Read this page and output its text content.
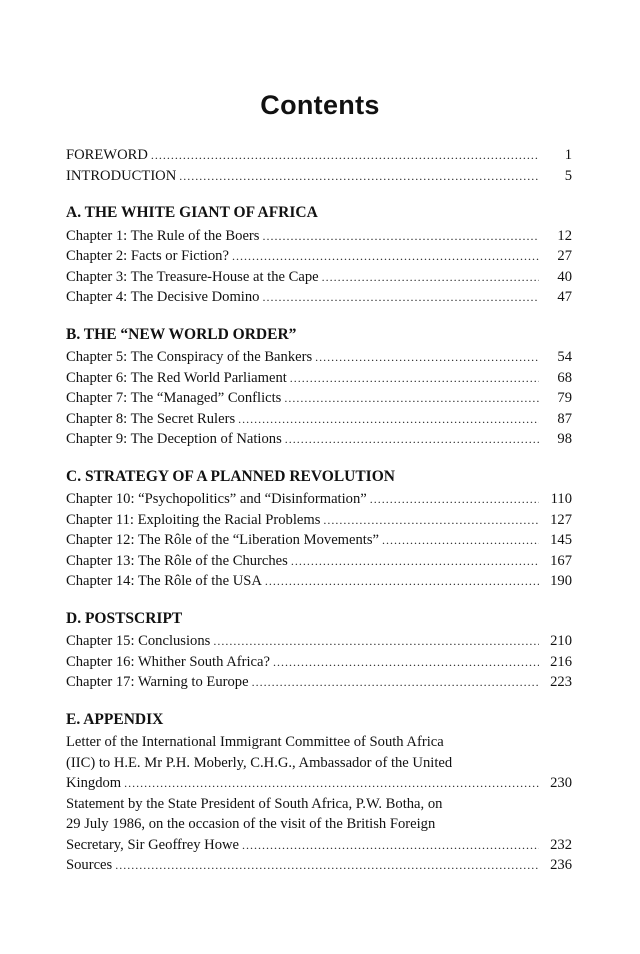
Contents
FOREWORD .....	1
INTRODUCTION .....	5
A. THE WHITE GIANT OF AFRICA
Chapter 1: The Rule of the Boers .....	12
Chapter 2: Facts or Fiction? .....	27
Chapter 3: The Treasure-House at the Cape .....	40
Chapter 4: The Decisive Domino .....	47
B. THE “NEW WORLD ORDER”
Chapter 5: The Conspiracy of the Bankers .....	54
Chapter 6: The Red World Parliament .....	68
Chapter 7: The “Managed” Conflicts .....	79
Chapter 8: The Secret Rulers .....	87
Chapter 9: The Deception of Nations .....	98
C. STRATEGY OF A PLANNED REVOLUTION
Chapter 10: “Psychopolitics” and “Disinformation” .....	110
Chapter 11: Exploiting the Racial Problems .....	127
Chapter 12: The Rôle of the “Liberation Movements” .....	145
Chapter 13: The Rôle of the Churches .....	167
Chapter 14: The Rôle of the USA .....	190
D. POSTSCRIPT
Chapter 15: Conclusions .....	210
Chapter 16: Whither South Africa? .....	216
Chapter 17: Warning to Europe .....	223
E. APPENDIX
Letter of the International Immigrant Committee of South Africa
(IIC) to H.E. Mr P.H. Moberly, C.H.G., Ambassador of the United
Kingdom .....	230
Statement by the State President of South Africa, P.W. Botha, on
29 July 1986, on the occasion of the visit of the British Foreign
Secretary, Sir Geoffrey Howe .....	232
Sources .....	236
